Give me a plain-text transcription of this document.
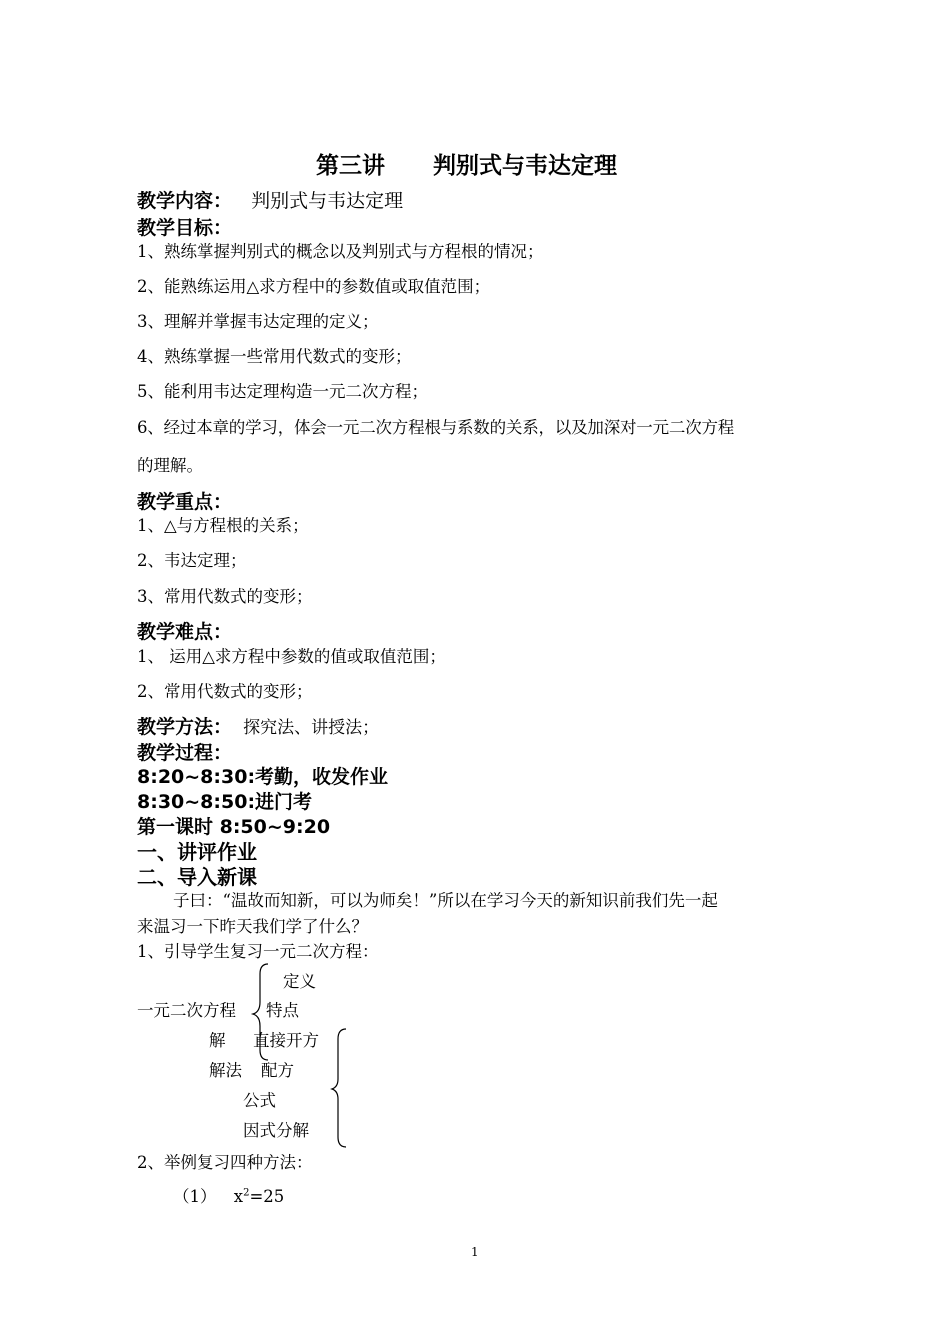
第三讲      判别式与韦达定理
教学内容： 判别式与韦达定理
教学目标：
1、熟练掌握判别式的概念以及判别式与方程根的情况；
2、能熟练运用△求方程中的参数值或取值范围；
3、理解并掌握韦达定理的定义；
4、熟练掌握一些常用代数式的变形；
5、能利用韦达定理构造一元二次方程；
6、经过本章的学习，体会一元二次方程根与系数的关系，以及加深对一元二次方程
的理解。
教学重点：
1、△与方程根的关系；
2、韦达定理；
3、常用代数式的变形；
教学难点：
1、 运用△求方程中参数的值或取值范围；
2、常用代数式的变形；
教学方法： 探究法、讲授法；
教学过程：
8:20~8:30:考勤，收发作业
8:30~8:50:进门考
第一课时 8:50~9:20
一、讲评作业
二、导入新课
子曰：“温故而知新，可以为师矣！”所以在学习今天的新知识前我们先一起
来温习一下昨天我们学了什么？
1、引导学生复习一元二次方程：
定义
一元二次方程 特点
解 直接开方
解法 配方
公式
因式分解
2、举例复习四种方法：
（1） $x^2=25$
1
